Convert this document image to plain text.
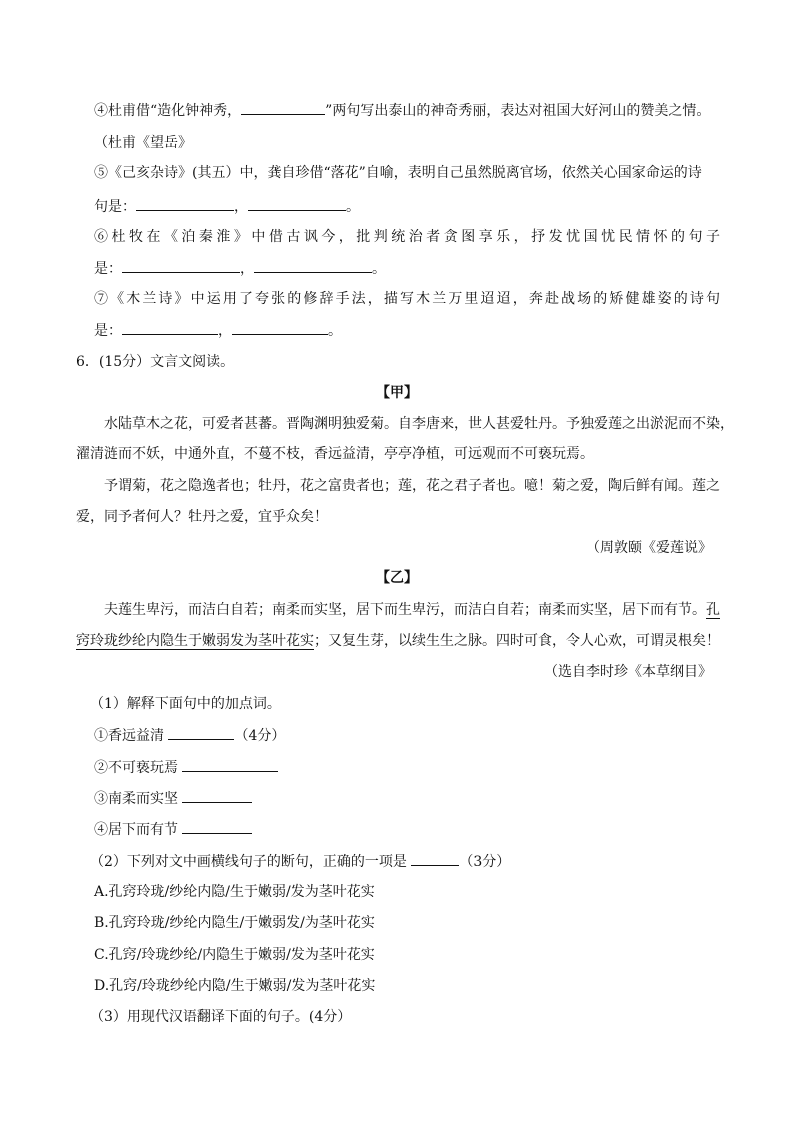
④杜甫借“造化钟神秀，	”两句写出泰山的神奇秀丽，表达对祖国大好河山的赞美之情。
（杜甫《望岳》
⑤《己亥杂诗》(其五）中，龚自珍借“落花”自喻，表明自己虽然脱离官场，依然关心国家命运的诗
句是：	，	。
⑥杜牧在《泊秦淮》中借古讽今，批判统治者贪图享乐，抒发忧国忧民情怀的句子
是：	，	。
⑦《木兰诗》中运用了夸张的修辞手法，描写木兰万里迢迢，奔赴战场的矫健雄姿的诗句
是：	，	。
6．(15分）文言文阅读。
【甲】
水陆草木之花，可爱者甚蕃。晋陶渊明独爱菊。自李唐来，世人甚爱牡丹。予独爱莲之出淤泥而不染，
濯清涟而不妖，中通外直，不蔓不枝，香远益清，亭亭净植，可远观而不可亵玩焉。
予谓菊，花之隐逸者也；牡丹，花之富贵者也；莲，花之君子者也。噫！菊之爱，陶后鲜有闻。莲之
爱，同予者何人？牡丹之爱，宜乎众矣！
（周敦颐《爱莲说》
【乙】
夫莲生卑污，而洁白自若；南柔而实坚，居下而生卑污，而洁白自若；南柔而实坚，居下而有节。孔
窍玲珑纱纶内隐生于嫩弱发为茎叶花实；又复生芽，以续生生之脉。四时可食，令人心欢，可谓灵根矣！
（选自李时珍《本草纲目》
（1）解释下面句中的加点词。
①香远益清	（4分）
②不可亵玩焉
③南柔而实坚
④居下而有节
（2）下列对文中画横线句子的断句，正确的一项是	（3分）
A.孔窍玲珑/纱纶内隐/生于嫩弱/发为茎叶花实
B.孔窍玲珑/纱纶内隐生/于嫩弱发/为茎叶花实
C.孔窍/玲珑纱纶/内隐生于嫩弱/发为茎叶花实
D.孔窍/玲珑纱纶内隐/生于嫩弱/发为茎叶花实
（3）用现代汉语翻译下面的句子。(4分）
